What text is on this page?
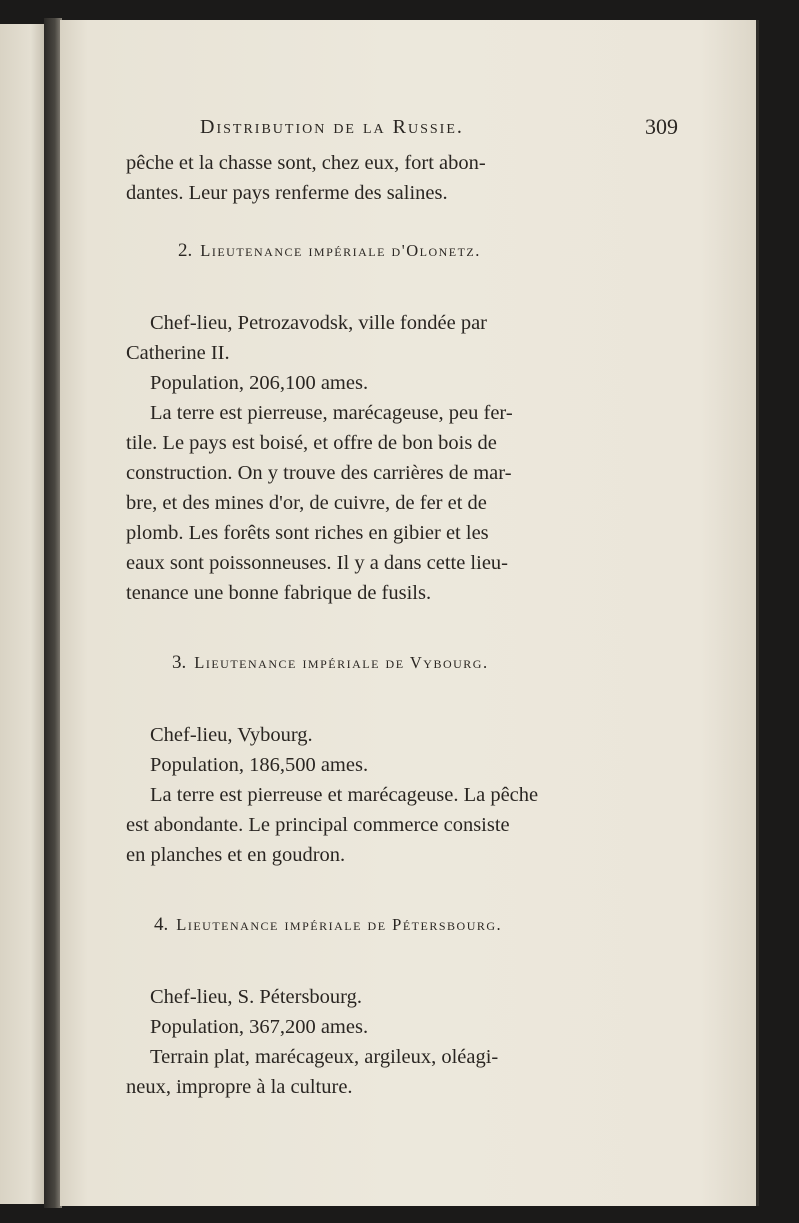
Distribution de la Russie.	309

pêche et la chasse sont, chez eux, fort abon-

dantes. Leur pays renferme des salines.

2. Lieutenance impériale d'Olonetz.

Chef-lieu, Petrozavodsk, ville fondée par

Catherine II.

Population, 206,100 ames.

La terre est pierreuse, marécageuse, peu fer-

tile. Le pays est boisé, et offre de bon bois de

construction. On y trouve des carrières de mar-

bre, et des mines d'or, de cuivre, de fer et de

plomb. Les forêts sont riches en gibier et les

eaux sont poissonneuses. Il y a dans cette lieu-

tenance une bonne fabrique de fusils.

3. Lieutenance impériale de Vybourg.

Chef-lieu, Vybourg.

Population, 186,500 ames.

La terre est pierreuse et marécageuse. La pêche

est abondante. Le principal commerce consiste

en planches et en goudron.

4. Lieutenance impériale de Pétersbourg.

Chef-lieu, S. Pétersbourg.

Population, 367,200 ames.

Terrain plat, marécageux, argileux, oléagi-

neux, impropre à la culture.
